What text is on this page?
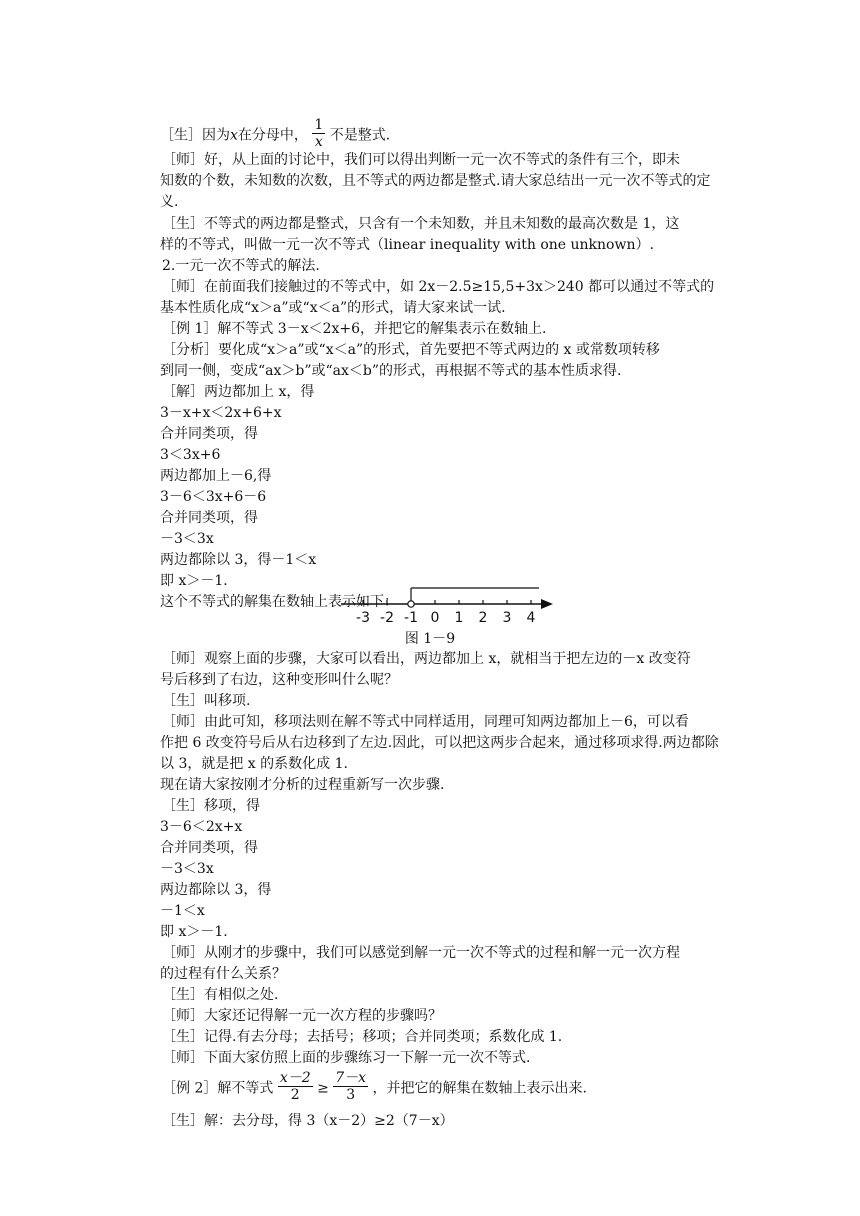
［生］因为x在分母中， $\frac{1}{x}$ 不是整式.
［师］好，从上面的讨论中，我们可以得出判断一元一次不等式的条件有三个，即未
知数的个数，未知数的次数，且不等式的两边都是整式.请大家总结出一元一次不等式的定
义.
［生］不等式的两边都是整式，只含有一个未知数，并且未知数的最高次数是 1，这
样的不等式，叫做一元一次不等式（linear inequality with one unknown）.
2.一元一次不等式的解法.
［师］在前面我们接触过的不等式中，如 2x－2.5≥15,5+3x＞240 都可以通过不等式的
基本性质化成“x＞a”或“x＜a”的形式，请大家来试一试.
［例 1］解不等式 3－x＜2x+6，并把它的解集表示在数轴上.
［分析］要化成“x＞a”或“x＜a”的形式，首先要把不等式两边的 x 或常数项转移
到同一侧，变成“ax＞b”或“ax＜b”的形式，再根据不等式的基本性质求得.
［解］两边都加上 x，得
3－x+x＜2x+6+x
合并同类项，得
3＜3x+6
两边都加上－6,得
3－6＜3x+6－6
合并同类项，得
－3＜3x
两边都除以 3，得－1＜x
即 x＞－1.
这个不等式的解集在数轴上表示如下：
-3 -2 -1 0 1 2 3 4
图 1－9
［师］观察上面的步骤，大家可以看出，两边都加上 x，就相当于把左边的－x 改变符
号后移到了右边，这种变形叫什么呢？
［生］叫移项.
［师］由此可知，移项法则在解不等式中同样适用，同理可知两边都加上－6，可以看
作把 6 改变符号后从右边移到了左边.因此，可以把这两步合起来，通过移项求得.两边都除
以 3，就是把 x 的系数化成 1.
现在请大家按刚才分析的过程重新写一次步骤.
［生］移项，得
3－6＜2x+x
合并同类项，得
－3＜3x
两边都除以 3，得
－1＜x
即 x＞－1.
［师］从刚才的步骤中，我们可以感觉到解一元一次不等式的过程和解一元一次方程
的过程有什么关系？
［生］有相似之处.
［师］大家还记得解一元一次方程的步骤吗？
［生］记得.有去分母；去括号；移项；合并同类项；系数化成 1.
［师］下面大家仿照上面的步骤练习一下解一元一次不等式.
［例 2］解不等式 $\frac{x-2}{2} \ge \frac{7-x}{3}$ ，并把它的解集在数轴上表示出来.
［生］解：去分母，得 3（x－2）≥2（7－x）
